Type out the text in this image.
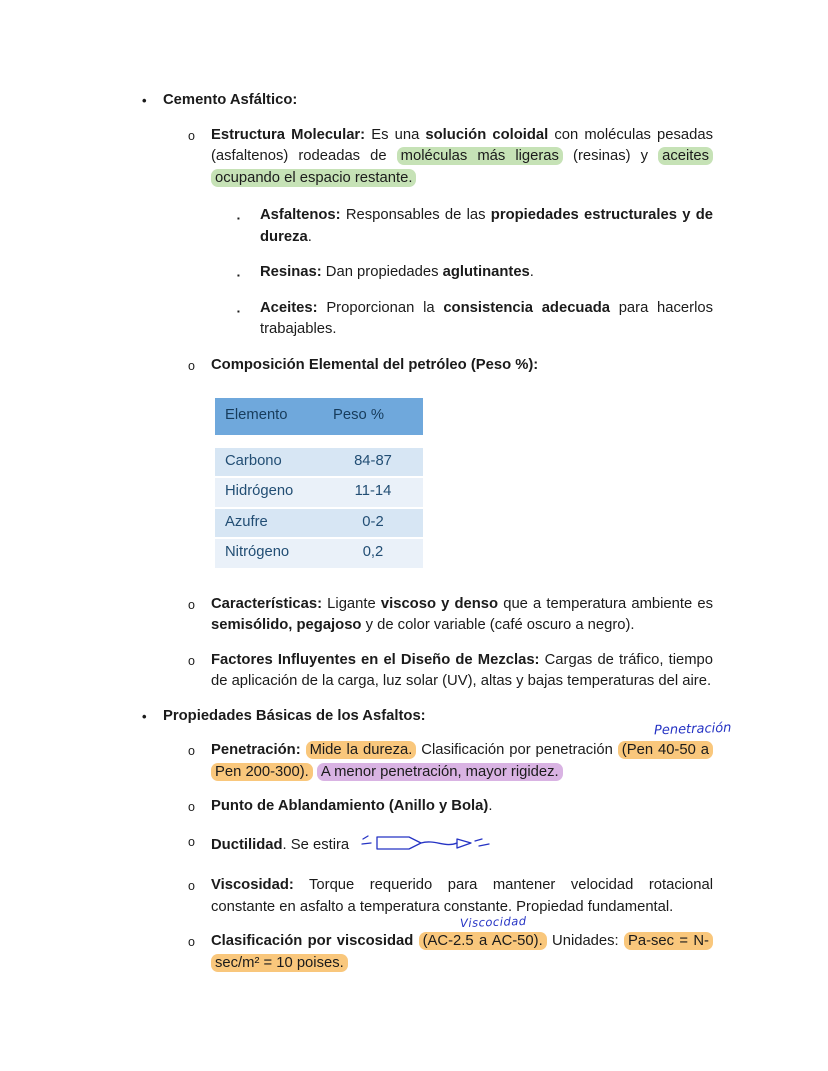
• Cemento Asfáltico:
o Estructura Molecular: Es una solución coloidal con moléculas pesadas (asfaltenos) rodeadas de moléculas más ligeras (resinas) y aceites ocupando el espacio restante.
▪ Asfaltenos: Responsables de las propiedades estructurales y de dureza.
▪ Resinas: Dan propiedades aglutinantes.
▪ Aceites: Proporcionan la consistencia adecuada para hacerlos trabajables.
o Composición Elemental del petróleo (Peso %):
Elemento	Peso %
Carbono	84-87
Hidrógeno	11-14
Azufre	0-2
Nitrógeno	0,2
o Características: Ligante viscoso y denso que a temperatura ambiente es semisólido, pegajoso y de color variable (café oscuro a negro).
o Factores Influyentes en el Diseño de Mezclas: Cargas de tráfico, tiempo de aplicación de la carga, luz solar (UV), altas y bajas temperaturas del aire.
• Propiedades Básicas de los Asfaltos:
Penetración
o Penetración: Mide la dureza. Clasificación por penetración (Pen 40-50 a Pen 200-300). A menor penetración, mayor rigidez.
o Punto de Ablandamiento (Anillo y Bola).
o Ductilidad. Se estira
o Viscosidad: Torque requerido para mantener velocidad rotacional constante en asfalto a temperatura constante. Propiedad fundamental.
Viscocidad
o Clasificación por viscosidad (AC-2.5 a AC-50). Unidades: Pa-sec = N-sec/m² = 10 poises.
